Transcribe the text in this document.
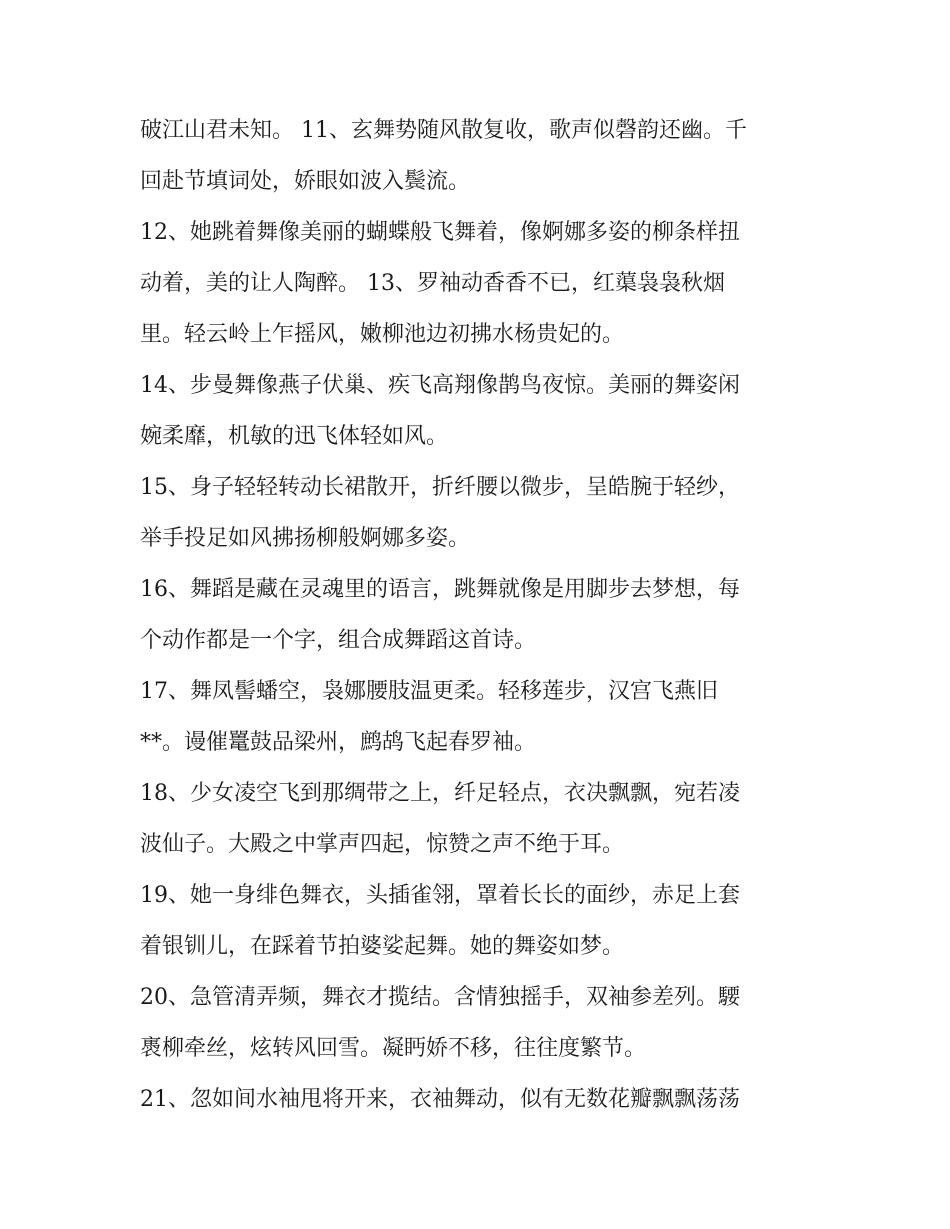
破江山君未知。 11、玄舞势随风散复收，歌声似磬韵还幽。千
回赴节填词处，娇眼如波入鬓流。
12、她跳着舞像美丽的蝴蝶般飞舞着，像婀娜多姿的柳条样扭
动着，美的让人陶醉。 13、罗袖动香香不已，红蕖袅袅秋烟
里。轻云岭上乍摇风，嫩柳池边初拂水杨贵妃的。
14、步曼舞像燕子伏巢、疾飞高翔像鹊鸟夜惊。美丽的舞姿闲
婉柔靡，机敏的迅飞体轻如风。
15、身子轻轻转动长裙散开，折纤腰以微步，呈皓腕于轻纱，
举手投足如风拂扬柳般婀娜多姿。
16、舞蹈是藏在灵魂里的语言，跳舞就像是用脚步去梦想，每
个动作都是一个字，组合成舞蹈这首诗。
17、舞凤髻蟠空，袅娜腰肢温更柔。轻移莲步，汉宫飞燕旧
**。谩催鼍鼓品梁州，鹧鸪飞起春罗袖。
18、少女凌空飞到那绸带之上，纤足轻点，衣决飘飘，宛若凌
波仙子。大殿之中掌声四起，惊赞之声不绝于耳。
19、她一身绯色舞衣，头插雀翎，罩着长长的面纱，赤足上套
着银钏儿，在踩着节拍婆娑起舞。她的舞姿如梦。
20、急管清弄频，舞衣才揽结。含情独摇手，双袖参差列。騕
褭柳牵丝，炫转风回雪。凝眄娇不移，往往度繁节。
21、忽如间水袖甩将开来，衣袖舞动，似有无数花瓣飘飘荡荡
